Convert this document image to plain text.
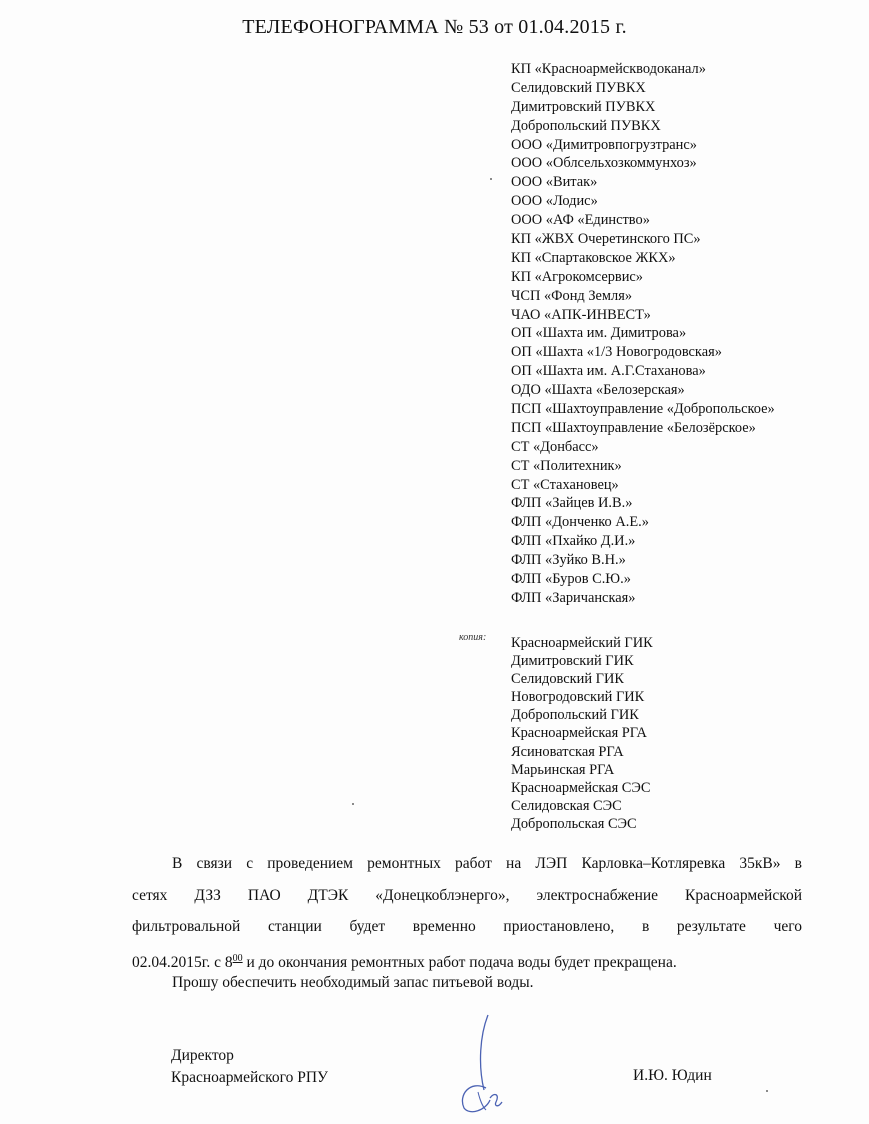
ТЕЛЕФОНОГРАММА № 53 от 01.04.2015 г.
КП «Красноармейскводоканал»
Селидовский ПУВКХ
Димитровский ПУВКХ
Добропольский ПУВКХ
ООО «Димитровпогрузтранс»
ООО «Облсельхозкоммунхоз»
ООО «Витак»
ООО «Лодис»
ООО «АФ «Единство»
КП «ЖВХ Очеретинского ПС»
КП «Спартаковское ЖКХ»
КП «Агрокомсервис»
ЧСП «Фонд Земля»
ЧАО «АПК-ИНВЕСТ»
ОП «Шахта им. Димитрова»
ОП «Шахта «1/3 Новогродовская»
ОП «Шахта им. А.Г.Стаханова»
ОДО «Шахта «Белозерская»
ПСП «Шахтоуправление «Добропольское»
ПСП «Шахтоуправление «Белозёрское»
СТ «Донбасс»
СТ «Политехник»
СТ «Стахановец»
ФЛП «Зайцев И.В.»
ФЛП «Донченко А.Е.»
ФЛП «Пхайко Д.И.»
ФЛП «Зуйко В.Н.»
ФЛП «Буров С.Ю.»
ФЛП «Заричанская»
копия: Красноармейский ГИК
Димитровский ГИК
Селидовский ГИК
Новогродовский ГИК
Добропольский ГИК
Красноармейская РГА
Ясиноватская РГА
Марьинская РГА
Красноармейская СЭС
Селидовская СЭС
Добропольская СЭС
В связи с проведением ремонтных работ на ЛЭП Карловка–Котляревка 35кВ» в
сетях ДЗЗ ПАО ДТЭК «Донецкоблэнерго», электроснабжение Красноармейской
фильтровальной станции будет временно приостановлено, в результате чего
02.04.2015г. с $8^{00}$ и до окончания ремонтных работ подача воды будет прекращена.
Прошу обеспечить необходимый запас питьевой воды.
Директор
Красноармейского РПУ	И.Ю. Юдин
